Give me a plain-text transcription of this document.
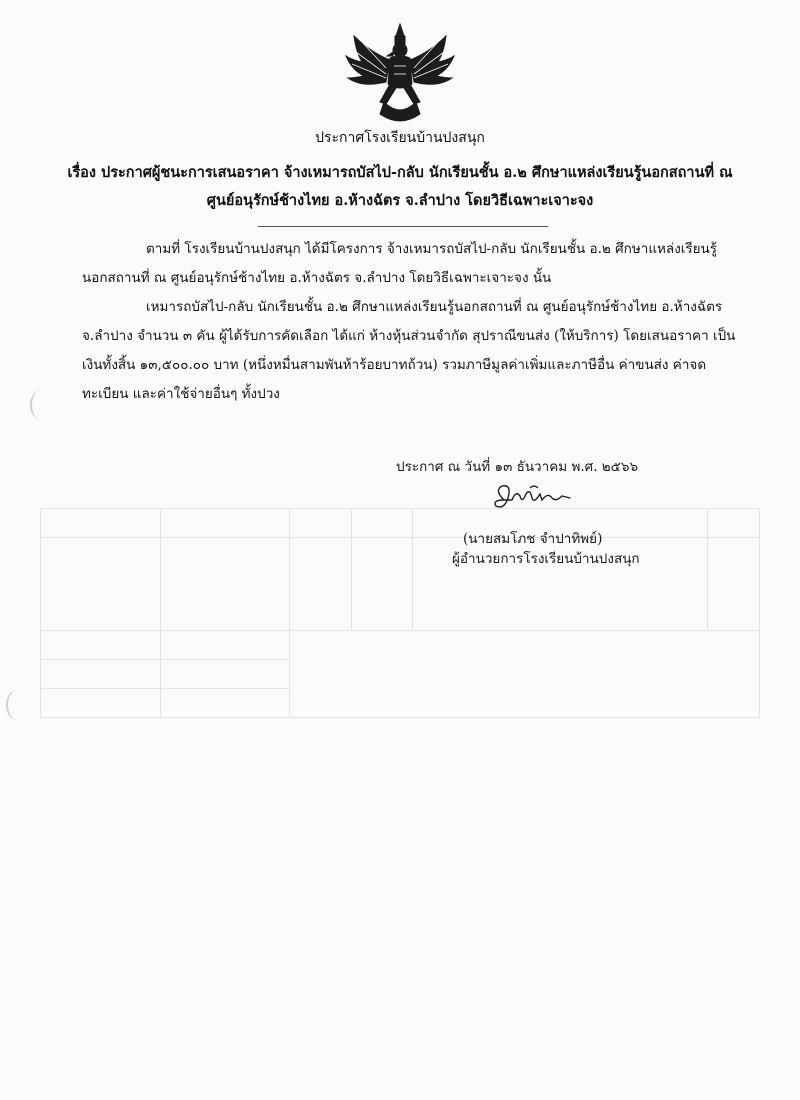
ประกาศโรงเรียนบ้านปงสนุก
เรื่อง ประกาศผู้ชนะการเสนอราคา จ้างเหมารถบัสไป-กลับ นักเรียนชั้น อ.๒ ศึกษาแหล่งเรียนรู้นอกสถานที่ ณ
ศูนย์อนุรักษ์ช้างไทย อ.ห้างฉัตร จ.ลำปาง โดยวิธีเฉพาะเจาะจง
ตามที่ โรงเรียนบ้านปงสนุก ได้มีโครงการ จ้างเหมารถบัสไป-กลับ นักเรียนชั้น อ.๒ ศึกษาแหล่งเรียนรู้
นอกสถานที่ ณ ศูนย์อนุรักษ์ช้างไทย อ.ห้างฉัตร จ.ลำปาง โดยวิธีเฉพาะเจาะจง นั้น
เหมารถบัสไป-กลับ นักเรียนชั้น อ.๒ ศึกษาแหล่งเรียนรู้นอกสถานที่ ณ ศูนย์อนุรักษ์ช้างไทย อ.ห้างฉัตร
จ.ลำปาง จำนวน ๓ คัน ผู้ได้รับการคัดเลือก ได้แก่ ห้างหุ้นส่วนจำกัด สุปราณีขนส่ง (ให้บริการ) โดยเสนอราคา เป็น
เงินทั้งสิ้น ๑๓,๕๐๐.๐๐ บาท (หนึ่งหมื่นสามพันห้าร้อยบาทถ้วน) รวมภาษีมูลค่าเพิ่มและภาษีอื่น ค่าขนส่ง ค่าจด
ทะเบียน และค่าใช้จ่ายอื่นๆ ทั้งปวง
ประกาศ ณ วันที่ ๑๓ ธันวาคม พ.ศ. ๒๕๖๖
(นายสมโภช จำปาทิพย์)
ผู้อำนวยการโรงเรียนบ้านปงสนุก
